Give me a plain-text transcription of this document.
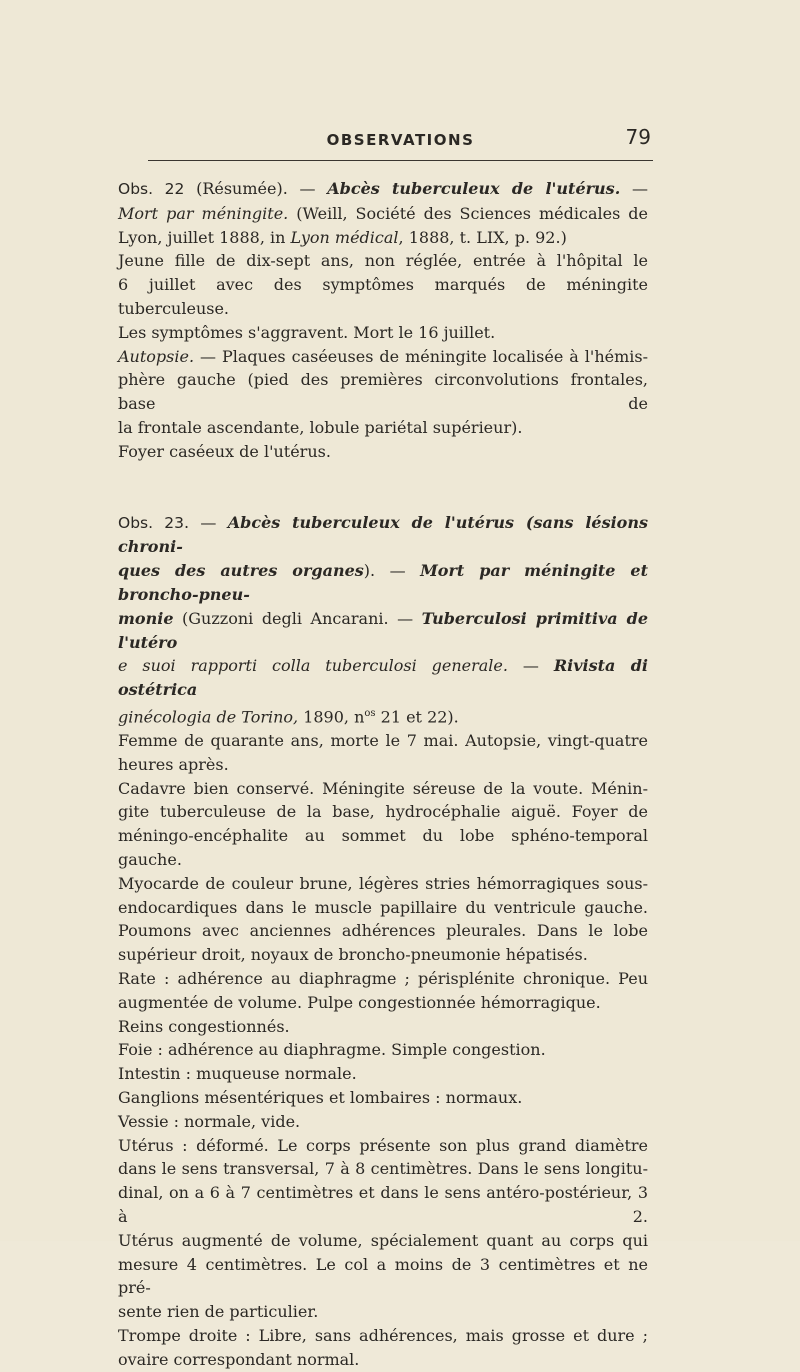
OBSERVATIONS	79
Obs. 22 (Résumée). — Abcès tuberculeux de l'utérus. —
Mort par méningite. (Weill, Société des Sciences médicales de
Lyon, juillet 1888, in Lyon médical, 1888, t. LIX, p. 92.)
Jeune fille de dix-sept ans, non réglée, entrée à l'hôpital le
6 juillet avec des symptômes marqués de méningite tuberculeuse.
Les symptômes s'aggravent. Mort le 16 juillet.
Autopsie. — Plaques caséeuses de méningite localisée à l'hémis-
phère gauche (pied des premières circonvolutions frontales, base de
la frontale ascendante, lobule pariétal supérieur).
Foyer caséeux de l'utérus.
Obs. 23. — Abcès tuberculeux de l'utérus (sans lésions chroni-
ques des autres organes). — Mort par méningite et broncho-pneu-
monie (Guzzoni degli Ancarani. — Tuberculosi primitiva de l'utéro
e suoi rapporti colla tuberculosi generale. — Rivista di ostétrica
ginécologia de Torino, 1890, $n^{os}$ 21 et 22).
Femme de quarante ans, morte le 7 mai. Autopsie, vingt-quatre
heures après.
Cadavre bien conservé. Méningite séreuse de la voute. Ménin-
gite tuberculeuse de la base, hydrocéphalie aiguë. Foyer de
méningo-encéphalite au sommet du lobe sphéno-temporal gauche.
Myocarde de couleur brune, légères stries hémorragiques sous-
endocardiques dans le muscle papillaire du ventricule gauche.
Poumons avec anciennes adhérences pleurales. Dans le lobe
supérieur droit, noyaux de broncho-pneumonie hépatisés.
Rate : adhérence au diaphragme ; périsplénite chronique. Peu
augmentée de volume. Pulpe congestionnée hémorragique.
Reins congestionnés.
Foie : adhérence au diaphragme. Simple congestion.
Intestin : muqueuse normale.
Ganglions mésentériques et lombaires : normaux.
Vessie : normale, vide.
Utérus : déformé. Le corps présente son plus grand diamètre
dans le sens transversal, 7 à 8 centimètres. Dans le sens longitu-
dinal, on a 6 à 7 centimètres et dans le sens antéro-postérieur, 3 à 2.
Utérus augmenté de volume, spécialement quant au corps qui
mesure 4 centimètres. Le col a moins de 3 centimètres et ne pré-
sente rien de particulier.
Trompe droite : Libre, sans adhérences, mais grosse et dure ;
ovaire correspondant normal.
